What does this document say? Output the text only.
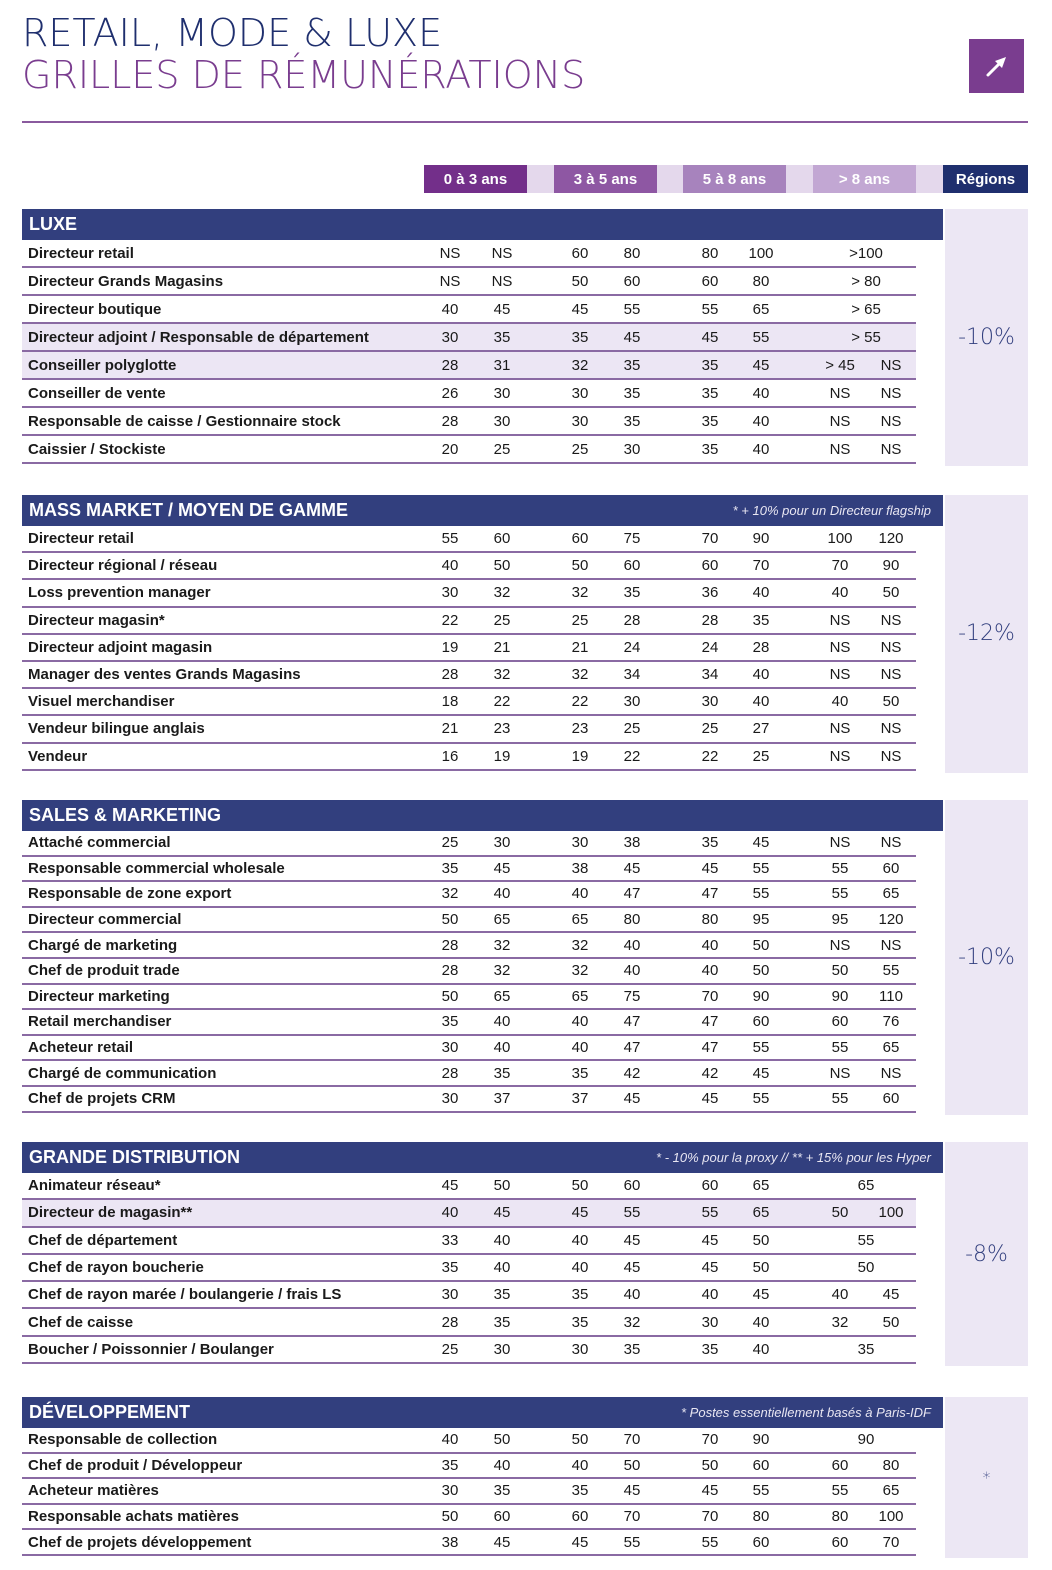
RETAIL, MODE & LUXE
GRILLES DE RÉMUNÉRATIONS
0 à 3 ans	3 à 5 ans	5 à 8 ans	> 8 ans	Régions
LUXE
-10%
Directeur retail	NS	NS	60	80	80	100	>100
Directeur Grands Magasins	NS	NS	50	60	60	80	> 80
Directeur boutique	40	45	45	55	55	65	> 65
Directeur adjoint / Responsable de département	30	35	35	45	45	55	> 55
Conseiller polyglotte	28	31	32	35	35	45	> 45	NS
Conseiller de vente	26	30	30	35	35	40	NS	NS
Responsable de caisse / Gestionnaire stock	28	30	30	35	35	40	NS	NS
Caissier / Stockiste	20	25	25	30	35	40	NS	NS
MASS MARKET / MOYEN DE GAMME	* + 10% pour un Directeur flagship
-12%
Directeur retail	55	60	60	75	70	90	100	120
Directeur régional / réseau	40	50	50	60	60	70	70	90
Loss prevention manager	30	32	32	35	36	40	40	50
Directeur magasin*	22	25	25	28	28	35	NS	NS
Directeur adjoint magasin	19	21	21	24	24	28	NS	NS
Manager des ventes Grands Magasins	28	32	32	34	34	40	NS	NS
Visuel merchandiser	18	22	22	30	30	40	40	50
Vendeur bilingue anglais	21	23	23	25	25	27	NS	NS
Vendeur	16	19	19	22	22	25	NS	NS
SALES & MARKETING
-10%
Attaché commercial	25	30	30	38	35	45	NS	NS
Responsable commercial wholesale	35	45	38	45	45	55	55	60
Responsable de zone export	32	40	40	47	47	55	55	65
Directeur commercial	50	65	65	80	80	95	95	120
Chargé de marketing	28	32	32	40	40	50	NS	NS
Chef de produit trade	28	32	32	40	40	50	50	55
Directeur marketing	50	65	65	75	70	90	90	110
Retail merchandiser	35	40	40	47	47	60	60	76
Acheteur retail	30	40	40	47	47	55	55	65
Chargé de communication	28	35	35	42	42	45	NS	NS
Chef de projets CRM	30	37	37	45	45	55	55	60
GRANDE DISTRIBUTION	* - 10% pour la proxy // ** + 15% pour les Hyper
-8%
Animateur réseau*	45	50	50	60	60	65	65
Directeur de magasin**	40	45	45	55	55	65	50	100
Chef de département	33	40	40	45	45	50	55
Chef de rayon boucherie	35	40	40	45	45	50	50
Chef de rayon marée / boulangerie / frais LS	30	35	35	40	40	45	40	45
Chef de caisse	28	35	35	32	30	40	32	50
Boucher / Poissonnier / Boulanger	25	30	30	35	35	40	35
DÉVELOPPEMENT	* Postes essentiellement basés à Paris-IDF
*
Responsable de collection	40	50	50	70	70	90	90
Chef de produit / Développeur	35	40	40	50	50	60	60	80
Acheteur matières	30	35	35	45	45	55	55	65
Responsable achats matières	50	60	60	70	70	80	80	100
Chef de projets développement	38	45	45	55	55	60	60	70
